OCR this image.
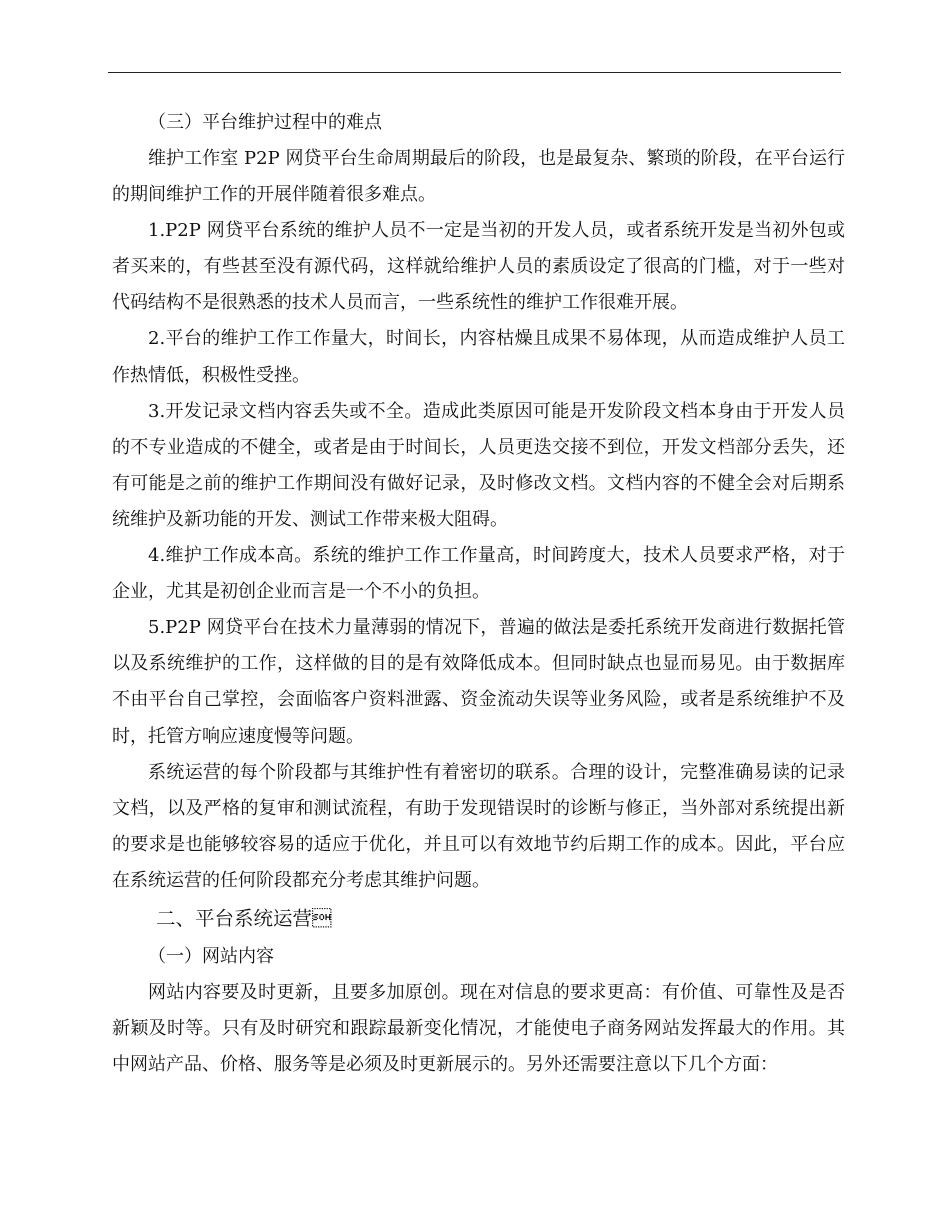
（三）平台维护过程中的难点

维护工作室 P2P 网贷平台生命周期最后的阶段，也是最复杂、繁琐的阶段，在平台运行的期间维护工作的开展伴随着很多难点。

1.P2P 网贷平台系统的维护人员不一定是当初的开发人员，或者系统开发是当初外包或者买来的，有些甚至没有源代码，这样就给维护人员的素质设定了很高的门槛，对于一些对代码结构不是很熟悉的技术人员而言，一些系统性的维护工作很难开展。

2.平台的维护工作工作量大，时间长，内容枯燥且成果不易体现，从而造成维护人员工作热情低，积极性受挫。

3.开发记录文档内容丢失或不全。造成此类原因可能是开发阶段文档本身由于开发人员的不专业造成的不健全，或者是由于时间长，人员更迭交接不到位，开发文档部分丢失，还有可能是之前的维护工作期间没有做好记录，及时修改文档。文档内容的不健全会对后期系统维护及新功能的开发、测试工作带来极大阻碍。

4.维护工作成本高。系统的维护工作工作量高，时间跨度大，技术人员要求严格，对于企业，尤其是初创企业而言是一个不小的负担。

5.P2P 网贷平台在技术力量薄弱的情况下，普遍的做法是委托系统开发商进行数据托管以及系统维护的工作，这样做的目的是有效降低成本。但同时缺点也显而易见。由于数据库不由平台自己掌控，会面临客户资料泄露、资金流动失误等业务风险，或者是系统维护不及时，托管方响应速度慢等问题。

系统运营的每个阶段都与其维护性有着密切的联系。合理的设计，完整准确易读的记录文档，以及严格的复审和测试流程，有助于发现错误时的诊断与修正，当外部对系统提出新的要求是也能够较容易的适应于优化，并且可以有效地节约后期工作的成本。因此，平台应在系统运营的任何阶段都充分考虑其维护问题。

二、平台系统运营

（一）网站内容

网站内容要及时更新，且要多加原创。现在对信息的要求更高：有价值、可靠性及是否新颖及时等。只有及时研究和跟踪最新变化情况，才能使电子商务网站发挥最大的作用。其中网站产品、价格、服务等是必须及时更新展示的。另外还需要注意以下几个方面：
